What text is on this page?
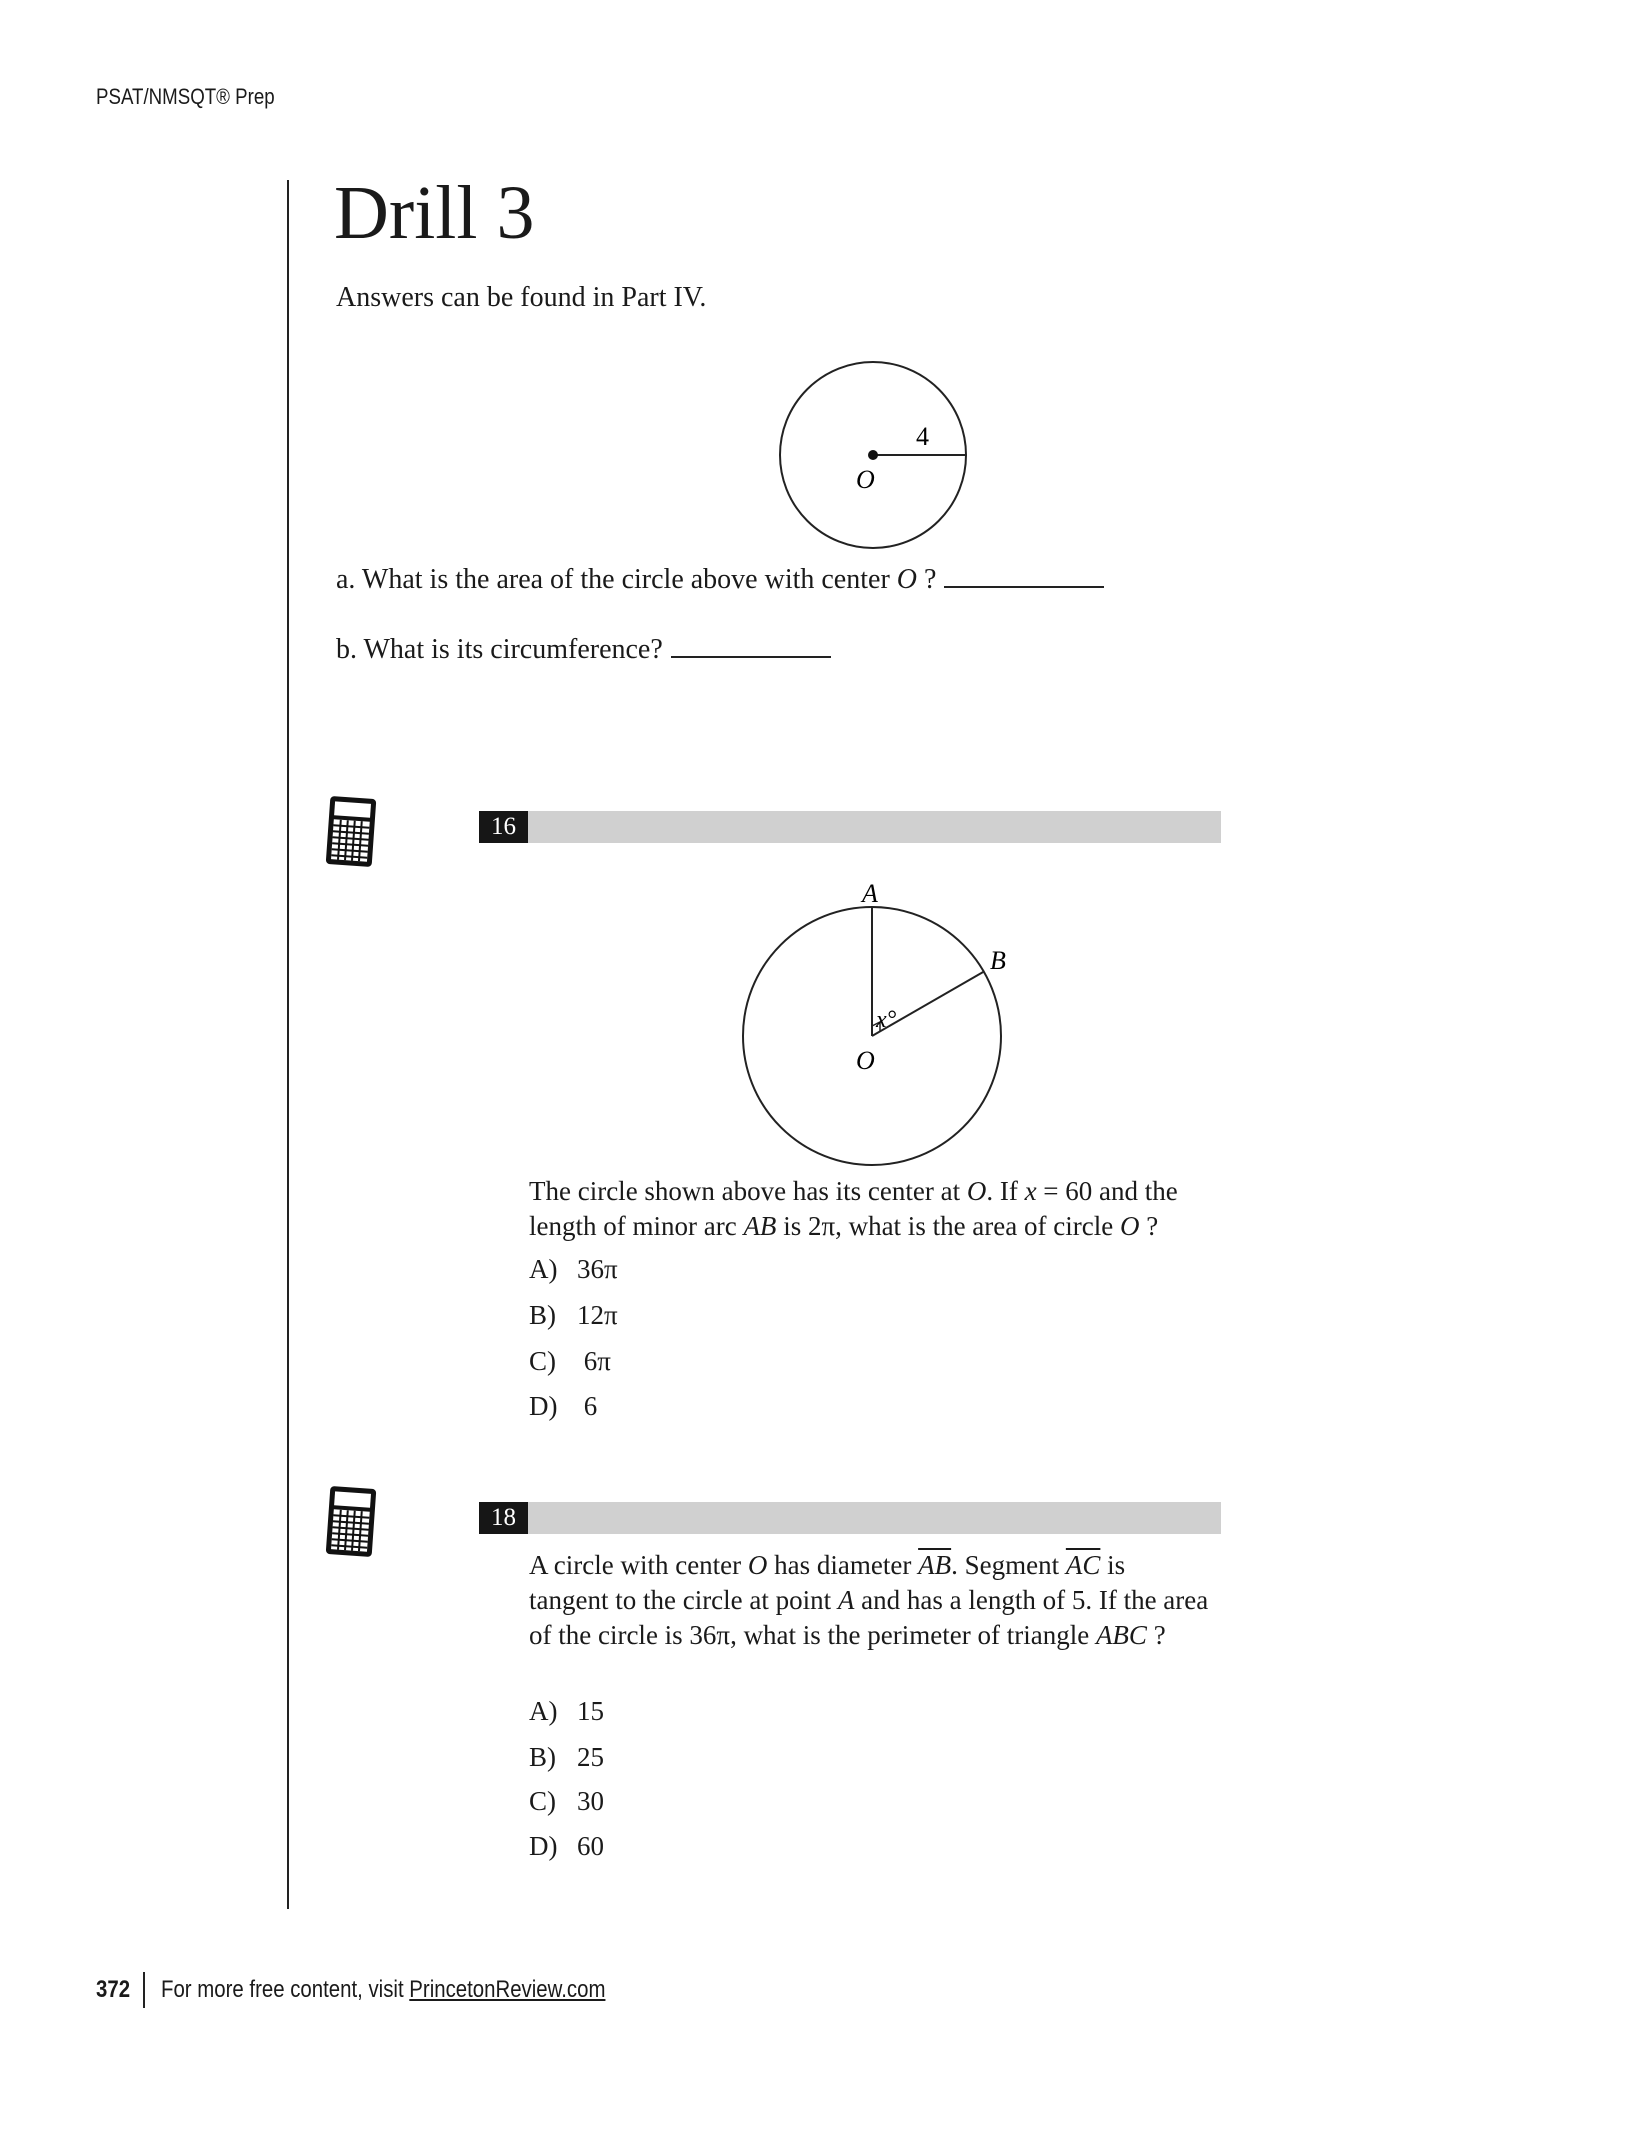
PSAT/NMSQT® Prep
Drill 3
Answers can be found in Part IV.
4
O
a. What is the area of the circle above with center O ?
b. What is its circumference?
16
A
B
x°
O
The circle shown above has its center at O. If x = 60 and the length of minor arc AB is 2π, what is the area of circle O ?
A) 36π
B) 12π
C) 6π
D) 6
18
A circle with center O has diameter $\overline{AB}$. Segment $\overline{AC}$ is tangent to the circle at point A and has a length of 5. If the area of the circle is 36π, what is the perimeter of triangle ABC ?
A) 15
B) 25
C) 30
D) 60
372 For more free content, visit PrincetonReview.com
